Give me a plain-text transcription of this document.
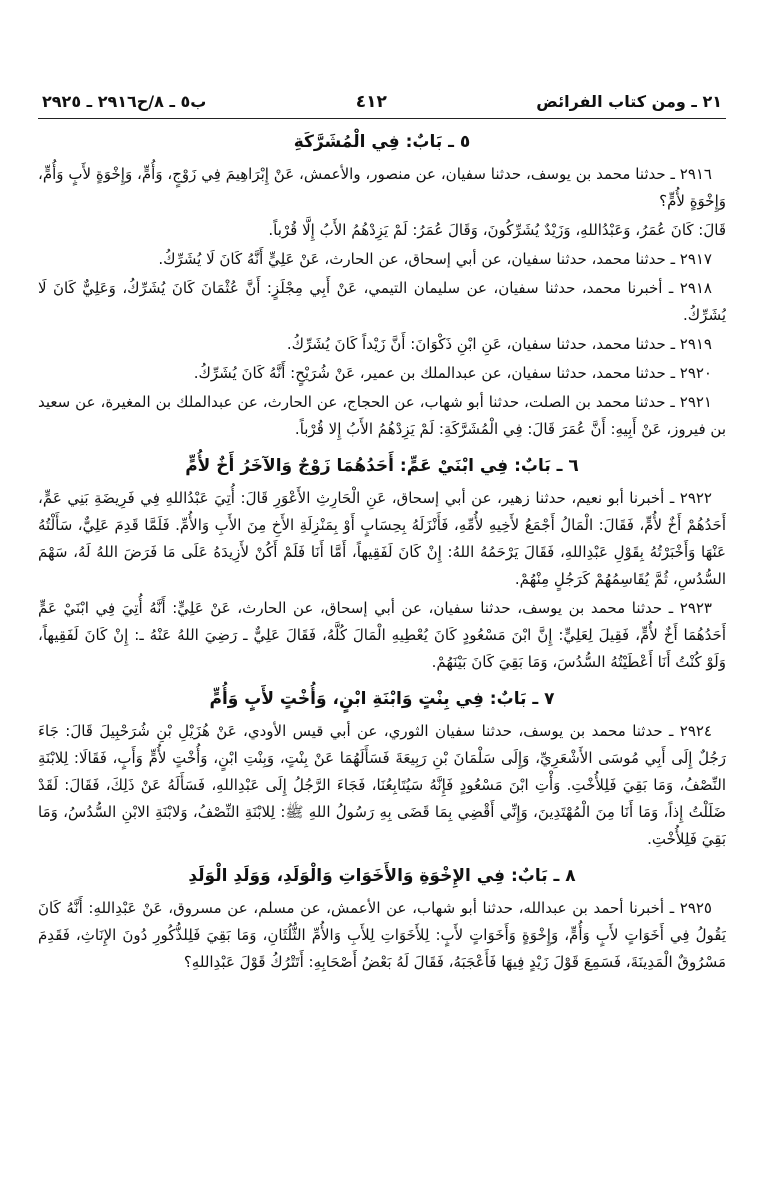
٢١ ـ ومن كتاب الفرائض
٤١٢
ب٥ ـ ٨/ح٢٩١٦ ـ ٢٩٢٥
٥ ـ بَابٌ: فِي الْمُشَرَّكَةِ

٢٩١٦ ـ حدثنا محمد بن يوسف، حدثنا سفيان، عن منصور، والأعمش، عَنْ إِبْرَاهِيمَ فِي زَوْجٍ، وَأُمٍّ، وَإِخْوَةٍ لأَبٍ وَأُمٍّ، وَإِخْوَةٍ لأُمٍّ؟

قَالَ: كَانَ عُمَرُ، وَعَبْدُاللهِ، وَزَيْدٌ يُشَرِّكُونَ، وَقَالَ عُمَرُ: لَمْ يَزِدْهُمُ الأَبُ إِلَّا قُرْباً.

٢٩١٧ ـ حدثنا محمد، حدثنا سفيان، عن أبي إسحاق، عن الحارث، عَنْ عَلِيٍّ أَنَّهُ كَانَ لَا يُشَرِّكُ.

٢٩١٨ ـ أخبرنا محمد، حدثنا سفيان، عن سليمان التيمي، عَنْ أَبِي مِجْلَزٍ: أَنَّ عُثْمَانَ كَانَ يُشَرِّكُ، وَعَلِيٌّ كَانَ لَا يُشَرِّكُ.

٢٩١٩ ـ حدثنا محمد، حدثنا سفيان، عَنِ ابْنِ ذَكْوَانَ: أَنَّ زَيْداً كَانَ يُشَرِّكُ.

٢٩٢٠ ـ حدثنا محمد، حدثنا سفيان، عن عبدالملك بن عمير، عَنْ شُرَيْحٍ: أَنَّهُ كَانَ يُشَرِّكُ.

٢٩٢١ ـ حدثنا محمد بن الصلت، حدثنا أبو شهاب، عن الحجاج، عن الحارث، عن عبدالملك بن المغيرة، عن سعيد بن فيروز، عَنْ أَبِيهِ: أَنَّ عُمَرَ قَالَ: فِي الْمُشَرَّكَةِ: لَمْ يَزِدْهُمُ الأَبُ إِلا قُرْباً.

٦ ـ بَابٌ: فِي ابْنَيْ عَمٍّ: أَحَدُهُمَا زَوْجٌ وَالآخَرُ أَخٌ لأُمٍّ

٢٩٢٢ ـ أخبرنا أبو نعيم، حدثنا زهير، عن أبي إسحاق، عَنِ الْحَارِثِ الأَعْوَرِ قَالَ: أُتِيَ عَبْدُاللهِ فِي فَرِيضَةِ بَنِي عَمٍّ، أَحَدُهُمْ أَخٌ لأُمٍّ، فَقَالَ: الْمَالُ أَجْمَعُ لأَخِيهِ لأُمِّهِ، فَأَنْزَلَهُ بِحِسَابٍ أَوْ بِمَنْزِلَةِ الأَخِ مِنَ الأَبِ وَالأُمِّ. فَلَمَّا قَدِمَ عَلِيٌّ، سَأَلْتُهُ عَنْهَا وَأَخْبَرْتُهُ بِقَوْلِ عَبْدِاللهِ، فَقَالَ يَرْحَمُهُ اللهُ: إِنْ كَانَ لَفَقِيهاً، أَمَّا أَنَا فَلَمْ أَكُنْ لأَزِيدَهُ عَلَى مَا فَرَضَ اللهُ لَهُ، سَهْمَ السُّدُسِ، ثُمَّ يُقَاسِمُهُمْ كَرَجُلٍ مِنْهُمْ.

٢٩٢٣ ـ حدثنا محمد بن يوسف، حدثنا سفيان، عن أبي إسحاق، عن الحارث، عَنْ عَلِيٍّ: أَنَّهُ أُتِيَ فِي ابْنَيْ عَمٍّ أَحَدُهُمَا أَخٌ لأُمٍّ، فَقِيلَ لِعَلِيٍّ: إِنَّ ابْنَ مَسْعُودٍ كَانَ يُعْطِيهِ الْمَالَ كُلَّهُ، فَقَالَ عَلِيٌّ ـ رَضِيَ اللهُ عَنْهُ ـ: إِنْ كَانَ لَفَقِيهاً، وَلَوْ كُنْتُ أَنَا أَعْطَيْتُهُ السُّدُسَ، وَمَا بَقِيَ كَانَ بَيْنَهُمْ.

٧ ـ بَابٌ: فِي بِنْتٍ وَابْنَةِ ابْنٍ، وَأُخْتٍ لأَبٍ وَأُمٍّ

٢٩٢٤ ـ حدثنا محمد بن يوسف، حدثنا سفيان الثوري، عن أبي قيس الأودي، عَنْ هُزَيْلِ بْنِ شُرَحْبِيلَ قَالَ: جَاءَ رَجُلٌ إِلَى أَبِي مُوسَى الأَشْعَرِيِّ، وَإِلَى سَلْمَانَ بْنِ رَبِيعَةَ فَسَأَلَهُمَا عَنْ بِنْتٍ، وَبِنْتِ ابْنٍ، وَأُخْتٍ لأُمٍّ وَأَبٍ، فَقَالَا: لِلابْنَةِ النِّصْفُ، وَمَا بَقِيَ فَلِلأُخْتِ. وَأْتِ ابْنَ مَسْعُودٍ فَإِنَّهُ سَيُتَابِعُنَا، فَجَاءَ الرَّجُلُ إِلَى عَبْدِاللهِ، فَسَأَلَهُ عَنْ ذَلِكَ، فَقَالَ: لَقَدْ ضَلَلْتُ إِذاً، وَمَا أَنَا مِنَ الْمُهْتَدِينَ، وَإِنِّي أَقْضِي بِمَا قَضَى بِهِ رَسُولُ اللهِ ﷺ: لِلابْنَةِ النِّصْفُ، وَلابْنَةِ الابْنِ السُّدُسُ، وَمَا بَقِيَ فَلِلأُخْتِ.

٨ ـ بَابٌ: فِي الإِخْوَةِ وَالأَخَوَاتِ وَالْوَلَدِ، وَوَلَدِ الْوَلَدِ

٢٩٢٥ ـ أخبرنا أحمد بن عبدالله، حدثنا أبو شهاب، عن الأعمش، عن مسلم، عن مسروق، عَنْ عَبْدِاللهِ: أَنَّهُ كَانَ يَقُولُ فِي أَخَوَاتٍ لأَبٍ وَأُمٍّ، وَإِخْوَةٍ وَأَخَوَاتٍ لأَبٍ: لِلأَخَوَاتِ لِلأَبِ وَالأُمِّ الثُّلُثَانِ، وَمَا بَقِيَ فَلِلذُّكُورِ دُونَ الإِنَاثِ، فَقَدِمَ مَسْرُوقٌ الْمَدِينَةَ، فَسَمِعَ قَوْلَ زَيْدٍ فِيهَا فَأَعْجَبَهُ، فَقَالَ لَهُ بَعْضُ أَصْحَابِهِ: أَتَتْرُكُ قَوْلَ عَبْدِاللهِ؟
